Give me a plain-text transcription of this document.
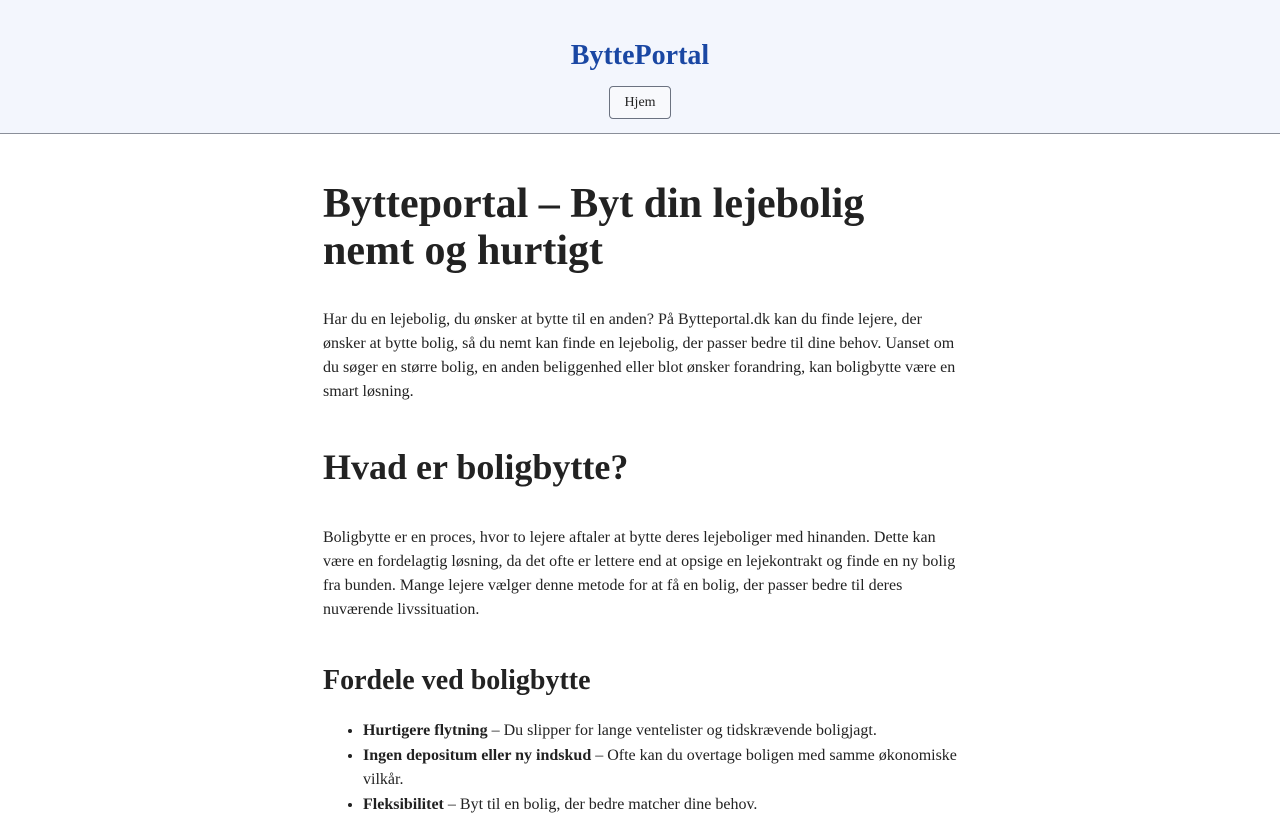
ByttePortal
Hjem
Bytteportal – Byt din lejebolig nemt og hurtigt

Har du en lejebolig, du ønsker at bytte til en anden? På Bytteportal.dk kan du finde lejere, der ønsker at bytte bolig, så du nemt kan finde en lejebolig, der passer bedre til dine behov. Uanset om du søger en større bolig, en anden beliggenhed eller blot ønsker forandring, kan boligbytte være en smart løsning.

Hvad er boligbytte?

Boligbytte er en proces, hvor to lejere aftaler at bytte deres lejeboliger med hinanden. Dette kan være en fordelagtig løsning, da det ofte er lettere end at opsige en lejekontrakt og finde en ny bolig fra bunden. Mange lejere vælger denne metode for at få en bolig, der passer bedre til deres nuværende livssituation.

Fordele ved boligbytte
• Hurtigere flytning – Du slipper for lange ventelister og tidskrævende boligjagt.
• Ingen depositum eller ny indskud – Ofte kan du overtage boligen med samme økonomiske vilkår.
• Fleksibilitet – Byt til en bolig, der bedre matcher dine behov.
